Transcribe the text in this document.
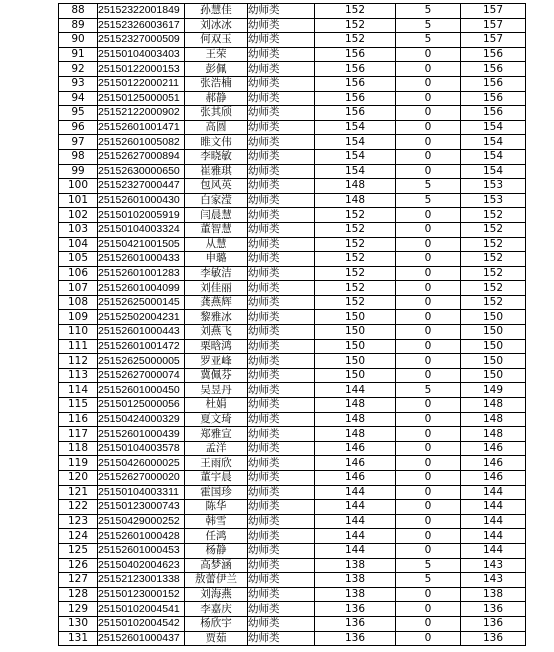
88	25152322001849	孙慧佳	幼师类	152	5	157
89	25152326003617	刘冰冰	幼师类	152	5	157
90	25152327000509	何双玉	幼师类	152	5	157
91	25150104003403	王荣	幼师类	156	0	156
92	25150122000153	彭佩	幼师类	156	0	156
93	25150122000211	张浩楠	幼师类	156	0	156
94	25150125000051	郝静	幼师类	156	0	156
95	25152122000902	张其颀	幼师类	156	0	156
96	25152601001471	高圆	幼师类	154	0	154
97	25152601005082	睢文伟	幼师类	154	0	154
98	25152627000894	李晓敏	幼师类	154	0	154
99	25152630000650	崔雅琪	幼师类	154	0	154
100	25152327000447	包风英	幼师类	148	5	153
101	25152601000430	白家滢	幼师类	148	5	153
102	25150102005919	闫晨慧	幼师类	152	0	152
103	25150104003324	董智慧	幼师类	152	0	152
104	25150421001505	从慧	幼师类	152	0	152
105	25152601000433	申璐	幼师类	152	0	152
106	25152601001283	李敏洁	幼师类	152	0	152
107	25152601004099	刘佳丽	幼师类	152	0	152
108	25152625000145	龚燕辉	幼师类	152	0	152
109	25152502004231	黎雅冰	幼师类	150	0	150
110	25152601000443	刘燕飞	幼师类	150	0	150
111	25152601001472	栗晗鸿	幼师类	150	0	150
112	25152625000005	罗亚峰	幼师类	150	0	150
113	25152627000074	冀佩芬	幼师类	150	0	150
114	25152601000450	吴昱丹	幼师类	144	5	149
115	25150125000056	杜娟	幼师类	148	0	148
116	25150424000329	夏文琦	幼师类	148	0	148
117	25152601000439	郑雅宣	幼师类	148	0	148
118	25150104003578	孟洋	幼师类	146	0	146
119	25150426000025	王雨欣	幼师类	146	0	146
120	25152627000020	董宇晨	幼师类	146	0	146
121	25150104003311	霍国珍	幼师类	144	0	144
122	25150123000743	陈华	幼师类	144	0	144
123	25150429000252	韩雪	幼师类	144	0	144
124	25152601000428	任鸿	幼师类	144	0	144
125	25152601000453	杨静	幼师类	144	0	144
126	25150402004623	高梦涵	幼师类	138	5	143
127	25152123001338	敖蕾伊兰	幼师类	138	5	143
128	25150123000152	刘海燕	幼师类	138	0	138
129	25150102004541	李嘉庆	幼师类	136	0	136
130	25150102004542	杨欣宇	幼师类	136	0	136
131	25152601000437	贾茹	幼师类	136	0	136
